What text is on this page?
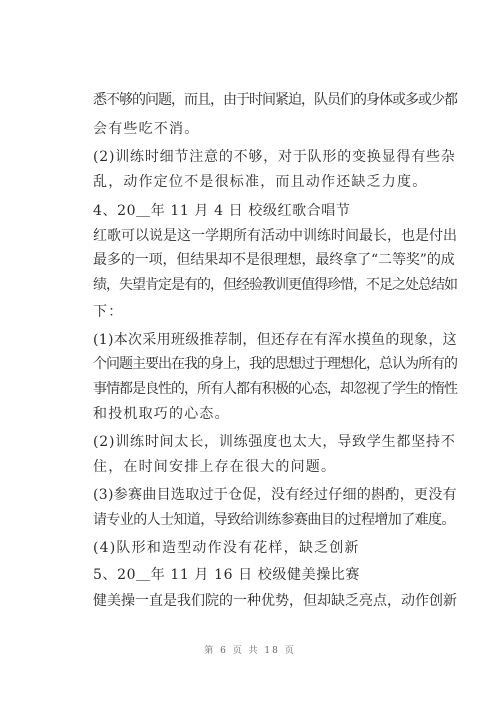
悉不够的问题，而且，由于时间紧迫，队员们的身体或多或少都
会有些吃不消。
(2)训练时细节注意的不够，对于队形的变换显得有些杂
乱，动作定位不是很标准，而且动作还缺乏力度。
4、20＿年 11 月 4 日 校级红歌合唱节
红歌可以说是这一学期所有活动中训练时间最长，也是付出
最多的一项，但结果却不是很理想，最终拿了“二等奖”的成
绩，失望肯定是有的，但经验教训更值得珍惜，不足之处总结如
下：
(1)本次采用班级推荐制，但还存在有浑水摸鱼的现象，这
个问题主要出在我的身上，我的思想过于理想化，总认为所有的
事情都是良性的，所有人都有积极的心态，却忽视了学生的惰性
和投机取巧的心态。
(2)训练时间太长，训练强度也太大，导致学生都坚持不
住，在时间安排上存在很大的问题。
(3)参赛曲目选取过于仓促，没有经过仔细的斟酌，更没有
请专业的人士知道，导致给训练参赛曲目的过程增加了难度。
(4)队形和造型动作没有花样，缺乏创新
5、20＿年 11 月 16 日 校级健美操比赛
健美操一直是我们院的一种优势，但却缺乏亮点，动作创新
第 6 页 共 18 页
